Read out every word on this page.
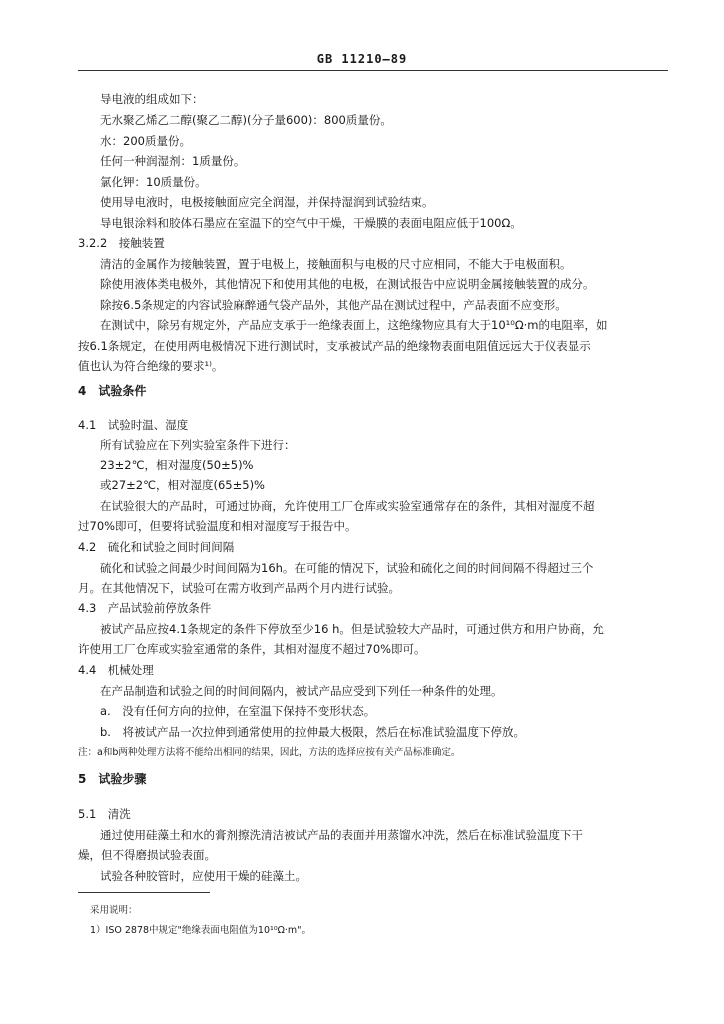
GB 11210—89
导电液的组成如下：
无水聚乙烯乙二醇(聚乙二醇)(分子量600)：800质量份。
水：200质量份。
任何一种润湿剂：1质量份。
氯化钾：10质量份。
使用导电液时，电极接触面应完全润湿，并保持湿润到试验结束。
导电银涂料和胶体石墨应在室温下的空气中干燥，干燥膜的表面电阻应低于100Ω。
3.2.2　接触装置
清洁的金属作为接触装置，置于电极上，接触面积与电极的尺寸应相同，不能大于电极面积。
除使用液体类电极外，其他情况下和使用其他的电极，在测试报告中应说明金属接触装置的成分。
除按6.5条规定的内容试验麻醉通气袋产品外，其他产品在测试过程中，产品表面不应变形。
在测试中，除另有规定外，产品应支承于一绝缘表面上，这绝缘物应具有大于10¹⁰Ω·m的电阻率，如
按6.1条规定，在使用两电极情况下进行测试时，支承被试产品的绝缘物表面电阻值远远大于仪表显示
值也认为符合绝缘的要求¹⁾。
4　试验条件
4.1　试验时温、湿度
所有试验应在下列实验室条件下进行：
23±2℃，相对湿度(50±5)%
或27±2℃，相对湿度(65±5)%
在试验很大的产品时，可通过协商，允许使用工厂仓库或实验室通常存在的条件，其相对湿度不超
过70%即可，但要将试验温度和相对湿度写于报告中。
4.2　硫化和试验之间时间间隔
硫化和试验之间最少时间间隔为16h。在可能的情况下，试验和硫化之间的时间间隔不得超过三个
月。在其他情况下，试验可在需方收到产品两个月内进行试验。
4.3　产品试验前停放条件
被试产品应按4.1条规定的条件下停放至少16 h。但是试验较大产品时，可通过供方和用户协商，允
许使用工厂仓库或实验室通常的条件，其相对湿度不超过70%即可。
4.4　机械处理
在产品制造和试验之间的时间间隔内，被试产品应受到下列任一种条件的处理。
a.　没有任何方向的拉伸，在室温下保持不变形状态。
b.　将被试产品一次拉伸到通常使用的拉伸最大极限，然后在标准试验温度下停放。
注：a和b两种处理方法将不能给出相同的结果，因此，方法的选择应按有关产品标准确定。
5　试验步骤
5.1　清洗
通过使用硅藻土和水的膏剂擦洗清洁被试产品的表面并用蒸馏水冲洗，然后在标准试验温度下干
燥，但不得磨损试验表面。
试验各种胶管时，应使用干燥的硅藻土。
采用说明：
1）ISO 2878中规定"绝缘表面电阻值为10¹⁰Ω·m"。
